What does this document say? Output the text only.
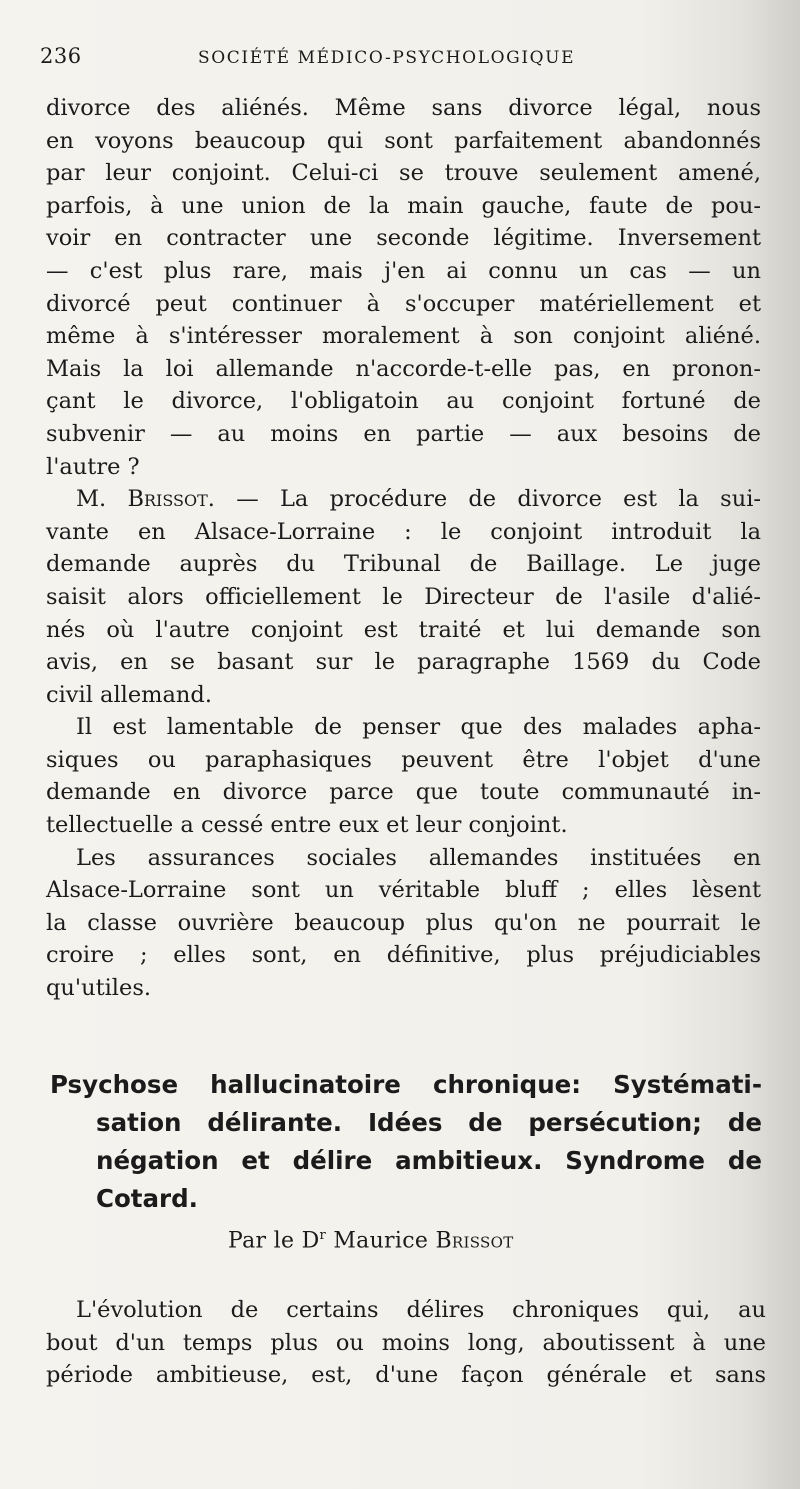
236	SOCIÉTÉ MÉDICO-PSYCHOLOGIQUE
divorce des aliénés. Même sans divorce légal, nous
en voyons beaucoup qui sont parfaitement abandonnés
par leur conjoint. Celui-ci se trouve seulement amené,
parfois, à une union de la main gauche, faute de pou-
voir en contracter une seconde légitime. Inversement
— c'est plus rare, mais j'en ai connu un cas — un
divorcé peut continuer à s'occuper matériellement et
même à s'intéresser moralement à son conjoint aliéné.
Mais la loi allemande n'accorde-t-elle pas, en pronon-
çant le divorce, l'obligatoin au conjoint fortuné de
subvenir — au moins en partie — aux besoins de
l'autre ?
M. Brissot. — La procédure de divorce est la sui-
vante en Alsace-Lorraine : le conjoint introduit la
demande auprès du Tribunal de Baillage. Le juge
saisit alors officiellement le Directeur de l'asile d'alié-
nés où l'autre conjoint est traité et lui demande son
avis, en se basant sur le paragraphe 1569 du Code
civil allemand.
Il est lamentable de penser que des malades apha-
siques ou paraphasiques peuvent être l'objet d'une
demande en divorce parce que toute communauté in-
tellectuelle a cessé entre eux et leur conjoint.
Les assurances sociales allemandes instituées en
Alsace-Lorraine sont un véritable bluff ; elles lèsent
la classe ouvrière beaucoup plus qu'on ne pourrait le
croire ; elles sont, en définitive, plus préjudiciables
qu'utiles.
Psychose hallucinatoire chronique: Systémati-
sation délirante. Idées de persécution; de
négation et délire ambitieux. Syndrome de
Cotard.
Par le $D^r$ Maurice Brissot
L'évolution de certains délires chroniques qui, au
bout d'un temps plus ou moins long, aboutissent à une
période ambitieuse, est, d'une façon générale et sans
